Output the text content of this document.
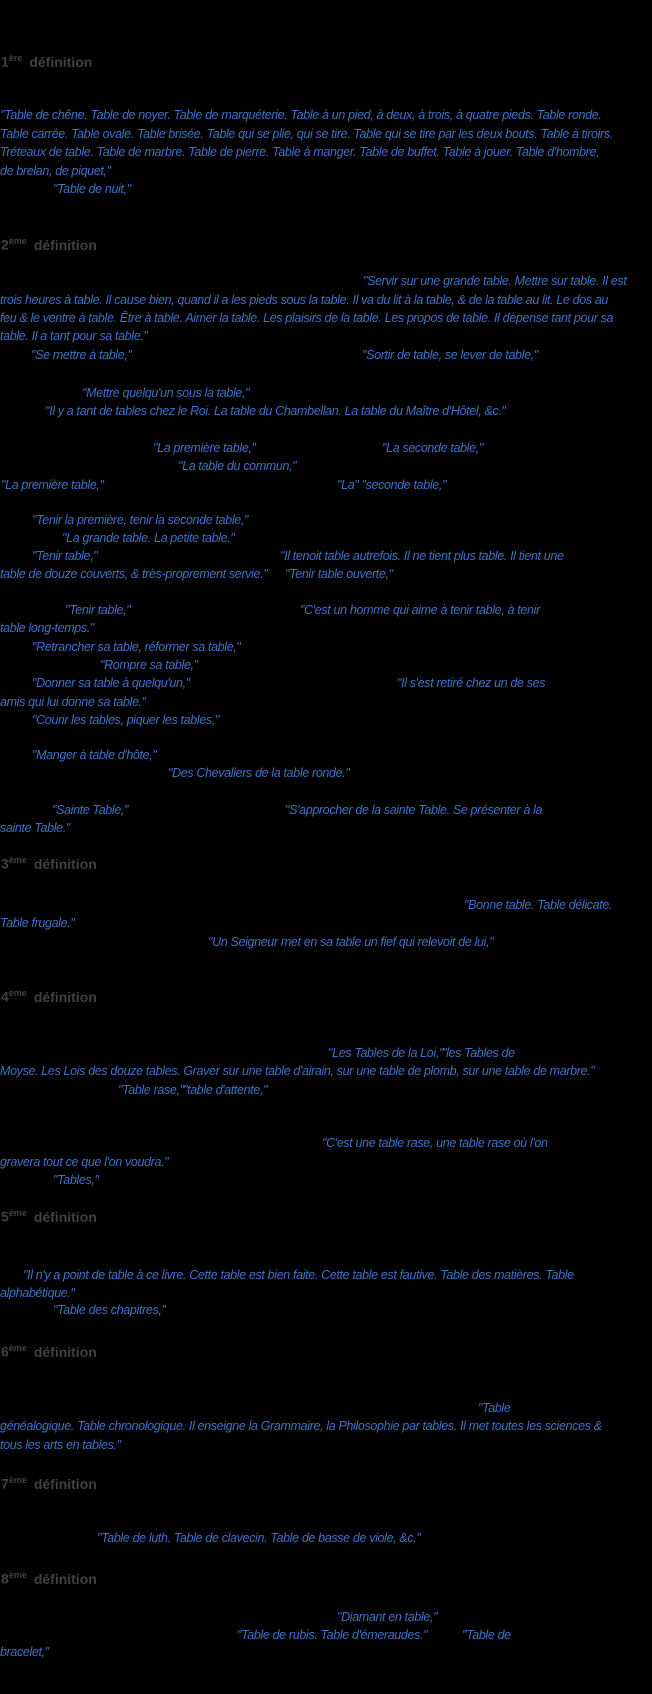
1ère définition
2ème définition
3ème définition
4ème définition
5ème définition
6ème définition
7ème définition
8ème définition
"Table de chêne. Table de noyer. Table de marquéterie. Table à un pied, à deux, à trois, à quatre pieds. Table ronde.
Table carrée. Table ovale. Table brisée. Table qui se plie, qui se tire. Table qui se tire par les deux bouts. Table à tiroirs.
Tréteaux de table. Table de marbre. Table de pierre. Table à manger. Table de buffet. Table à jouer. Table d'hombre,
de brelan, de piquet,"
"Table de nuit,"
"Servir sur une grande table. Mettre sur table. Il est
trois heures à table. Il cause bien, quand il a les pieds sous la table. Il va du lit à la table, & de la table au lit. Le dos au
feu & le ventre à table. Être à table. Aimer la table. Les plaisirs de la table. Les propos de table. Il dépense tant pour sa
table. Il a tant pour sa table."
"Se mettre à table,"	"Sortir de table, se lever de table,"
"Mettre quelqu'un sous la table,"
"Il y a tant de tables chez le Roi. La table du Chambellan. La table du Maître d'Hôtel, &c."
"La première table,"	"La seconde table,"
"La table du commun,"
"La première table,"	"La" "seconde table,"
"Tenir la première, tenir la seconde table,"
"La grande table. La petite table."
"Tenir table,"	"Il tenoit table autrefois. Il ne tient plus table. Il tient une
table de douze couverts, & très-proprement servie." "Tenir table ouverte,"
"Tenir table,"	"C'est un homme qui aime à tenir table, à tenir
table long-temps."
"Retrancher sa table, réformer sa table,"
"Rompre sa table,"
"Donner sa table à quelqu'un,"	"Il s'est retiré chez un de ses
amis qui lui donne sa table."
"Courir les tables, piquer les tables,"
"Manger à table d'hôte,"
"Des Chevaliers de la table ronde."
"Sainte Table,"	"S'approcher de la sainte Table. Se présenter à la
sainte Table."
"Bonne table. Table délicate.
Table frugale."
"Un Seigneur met en sa table un fief qui relevoit de lui,"
"Les Tables de la Loi,"
"les Tables de
Moyse. Les Lois des douze tables. Graver sur une table d'airain, sur une table de plomb, sur une table de marbre."
"Table rase," "table d'attente,"
"C'est une table rase, une table rase où l'on
gravera tout ce que l'on voudra."
"Tables,"
"Il n'y a point de table à ce livre. Cette table est bien faite. Cette table est fautive. Table des matières. Table
alphabétique."
"Table des chapitres,"
"Table
généalogique. Table chronologique. Il enseigne la Grammaire, la Philosophie par tables. Il met toutes les sciences &
tous les arts en tables."
"Table de luth. Table de clavecin. Table de basse de viole, &c."
"Diamant en table,"
"Table de rubis. Table d'émeraudes."	"Table de
bracelet,"
